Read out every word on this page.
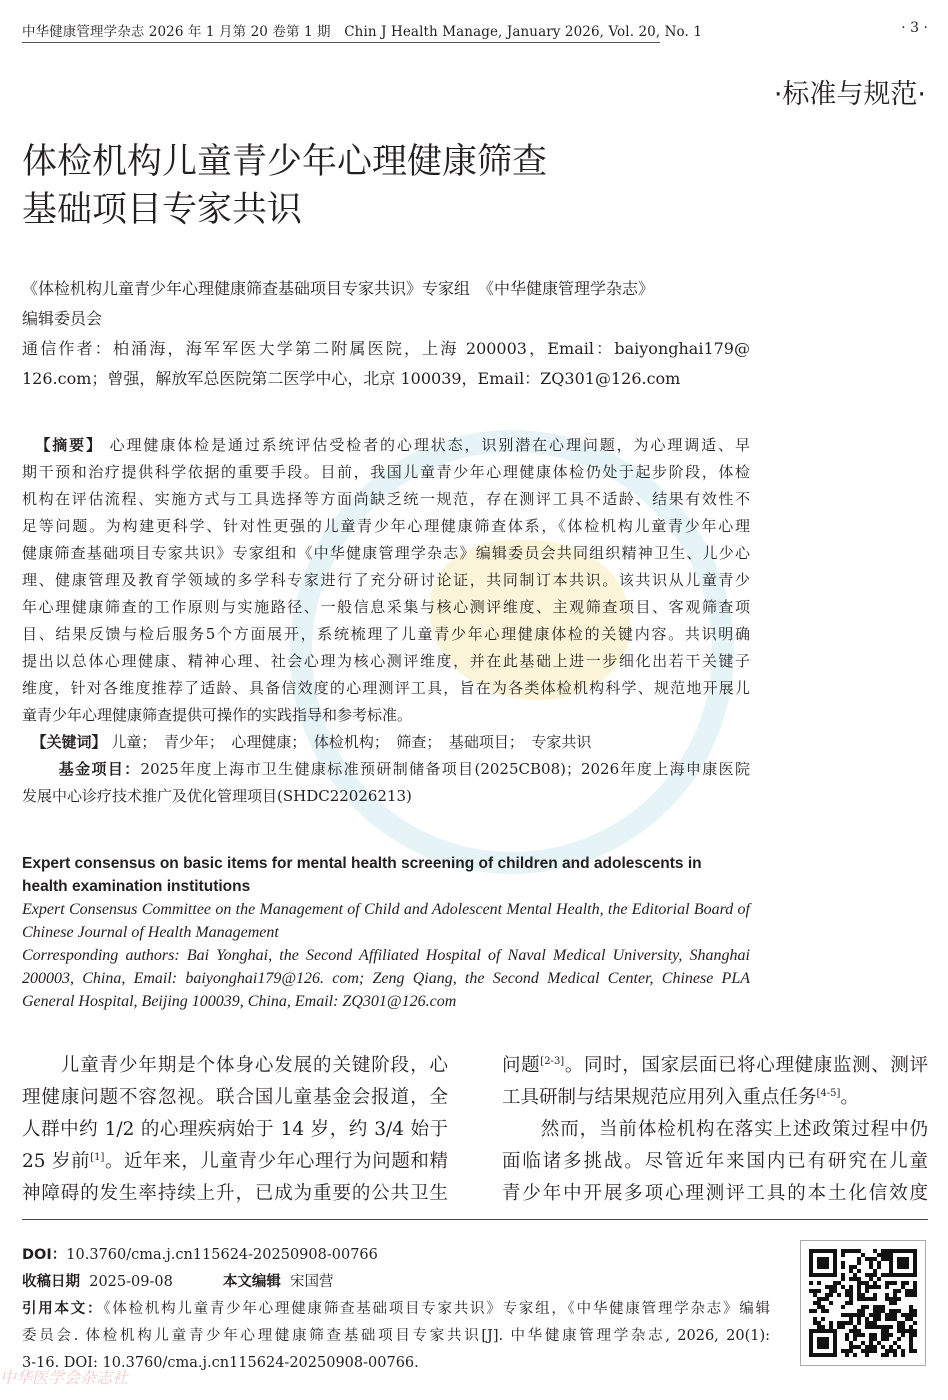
中华健康管理学杂志 2026 年 1 月第 20 卷第 1 期　Chin J Health Manage, January 2026, Vol. 20, No. 1	· 3 ·
·标准与规范·
体检机构儿童青少年心理健康筛查
基础项目专家共识
《体检机构儿童青少年心理健康筛查基础项目专家共识》专家组　《中华健康管理学杂志》
编辑委员会
通信作者：柏涌海，海军军医大学第二附属医院，上海 200003，Email：baiyonghai179@
126.com；曾强，解放军总医院第二医学中心，北京 100039，Email：ZQ301@126.com
【摘要】 心理健康体检是通过系统评估受检者的心理状态，识别潜在心理问题，为心理调适、早
期干预和治疗提供科学依据的重要手段。目前，我国儿童青少年心理健康体检仍处于起步阶段，体检
机构在评估流程、实施方式与工具选择等方面尚缺乏统一规范，存在测评工具不适龄、结果有效性不
足等问题。为构建更科学、针对性更强的儿童青少年心理健康筛查体系，《体检机构儿童青少年心理
健康筛查基础项目专家共识》专家组和《中华健康管理学杂志》编辑委员会共同组织精神卫生、儿少心
理、健康管理及教育学领域的多学科专家进行了充分研讨论证，共同制订本共识。该共识从儿童青少
年心理健康筛查的工作原则与实施路径、一般信息采集与核心测评维度、主观筛查项目、客观筛查项
目、结果反馈与检后服务5个方面展开，系统梳理了儿童青少年心理健康体检的关键内容。共识明确
提出以总体心理健康、精神心理、社会心理为核心测评维度，并在此基础上进一步细化出若干关键子
维度，针对各维度推荐了适龄、具备信效度的心理测评工具，旨在为各类体检机构科学、规范地开展儿
童青少年心理健康筛查提供可操作的实践指导和参考标准。
【关键词】 儿童；　青少年；　心理健康；　体检机构；　筛查；　基础项目；　专家共识
基金项目：2025年度上海市卫生健康标准预研制储备项目(2025CB08)；2026年度上海申康医院
发展中心诊疗技术推广及优化管理项目(SHDC22026213)
Expert consensus on basic items for mental health screening of children and adolescents in health examination institutions
Expert Consensus Committee on the Management of Child and Adolescent Mental Health, the Editorial Board of Chinese Journal of Health Management
Corresponding authors: Bai Yonghai, the Second Affiliated Hospital of Naval Medical University, Shanghai 200003, China, Email: baiyonghai179@126. com; Zeng Qiang, the Second Medical Center, Chinese PLA General Hospital, Beijing 100039, China, Email: ZQ301@126.com
　　儿童青少年期是个体身心发展的关键阶段，心
理健康问题不容忽视。联合国儿童基金会报道，全
人群中约 1/2 的心理疾病始于 14 岁，约 3/4 始于
25 岁前[1]。近年来，儿童青少年心理行为问题和精
神障碍的发生率持续上升，已成为重要的公共卫生
问题[2-3]。同时，国家层面已将心理健康监测、测评
工具研制与结果规范应用列入重点任务[4-5]。
　　然而，当前体检机构在落实上述政策过程中仍
面临诸多挑战。尽管近年来国内已有研究在儿童
青少年中开展多项心理测评工具的本土化信效度
DOI：10.3760/cma.j.cn115624-20250908-00766
收稿日期 2025-09-08	本文编辑 宋国营
引用本文：《体检机构儿童青少年心理健康筛查基础项目专家共识》专家组，《中华健康管理学杂志》编辑
委员会. 体检机构儿童青少年心理健康筛查基础项目专家共识[J]. 中华健康管理学杂志, 2026, 20(1):
3-16. DOI: 10.3760/cma.j.cn115624-20250908-00766.
中华医学会杂志社
